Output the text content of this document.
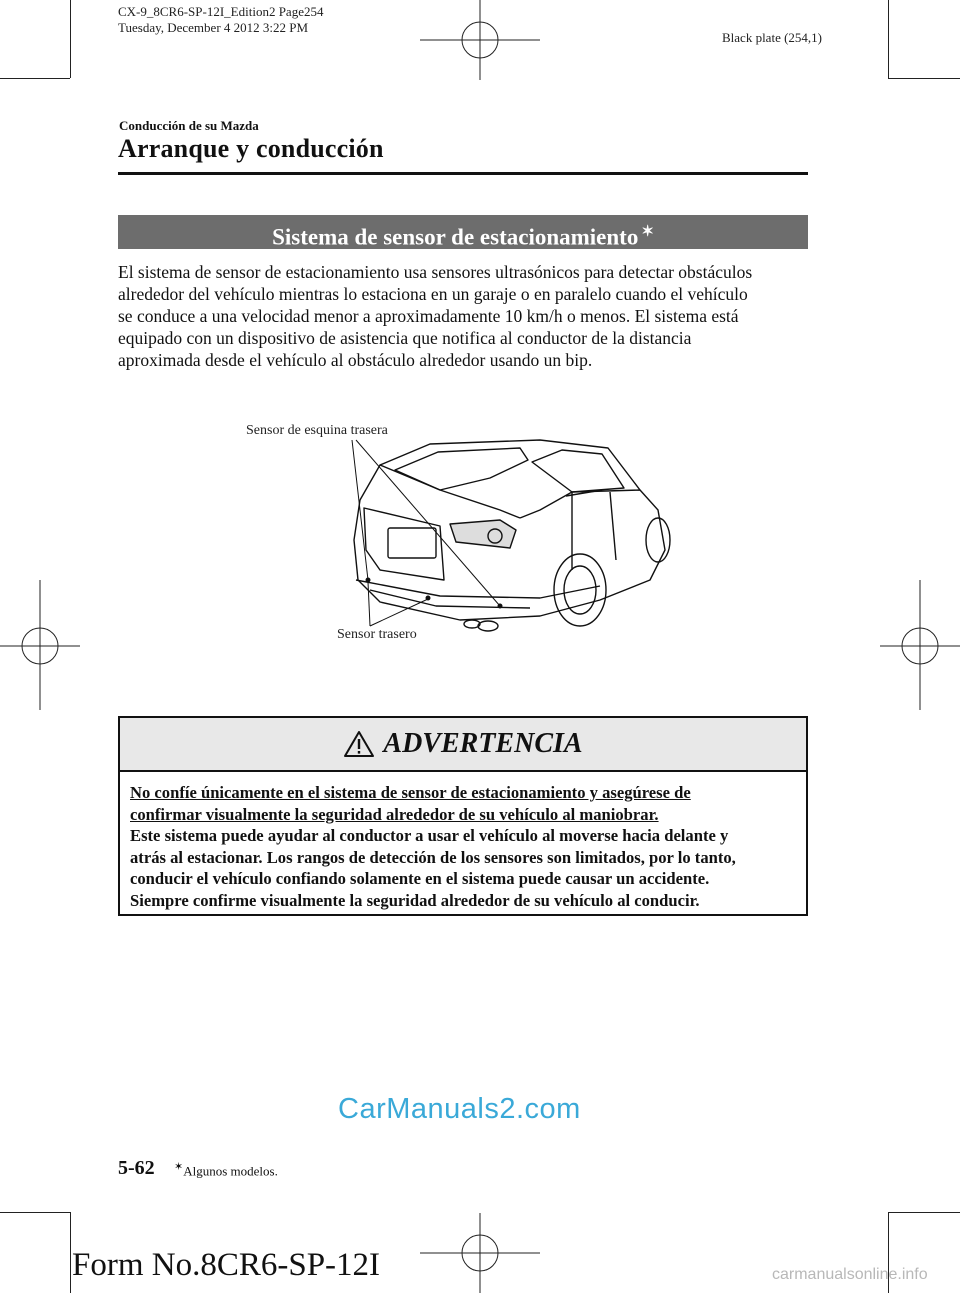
CX-9_8CR6-SP-12I_Edition2 Page254
Tuesday, December 4 2012 3:22 PM
Black plate (254,1)
Conducción de su Mazda
Arranque y conducción
Sistema de sensor de estacionamiento ✶
El sistema de sensor de estacionamiento usa sensores ultrasónicos para detectar obstáculos
alrededor del vehículo mientras lo estaciona en un garaje o en paralelo cuando el vehículo
se conduce a una velocidad menor a aproximadamente 10 km/h o menos. El sistema está
equipado con un dispositivo de asistencia que notifica al conductor de la distancia
aproximada desde el vehículo al obstáculo alrededor usando un bip.
Sensor de esquina trasera
Sensor trasero
ADVERTENCIA
No confíe únicamente en el sistema de sensor de estacionamiento y asegúrese de
confirmar visualmente la seguridad alrededor de su vehículo al maniobrar.
Este sistema puede ayudar al conductor a usar el vehículo al moverse hacia delante y
atrás al estacionar. Los rangos de detección de los sensores son limitados, por lo tanto,
conducir el vehículo confiando solamente en el sistema puede causar un accidente.
Siempre confirme visualmente la seguridad alrededor de su vehículo al conducir.
CarManuals2.com
5-62 ✶Algunos modelos.
Form No.8CR6-SP-12I	carmanualsonline.info
